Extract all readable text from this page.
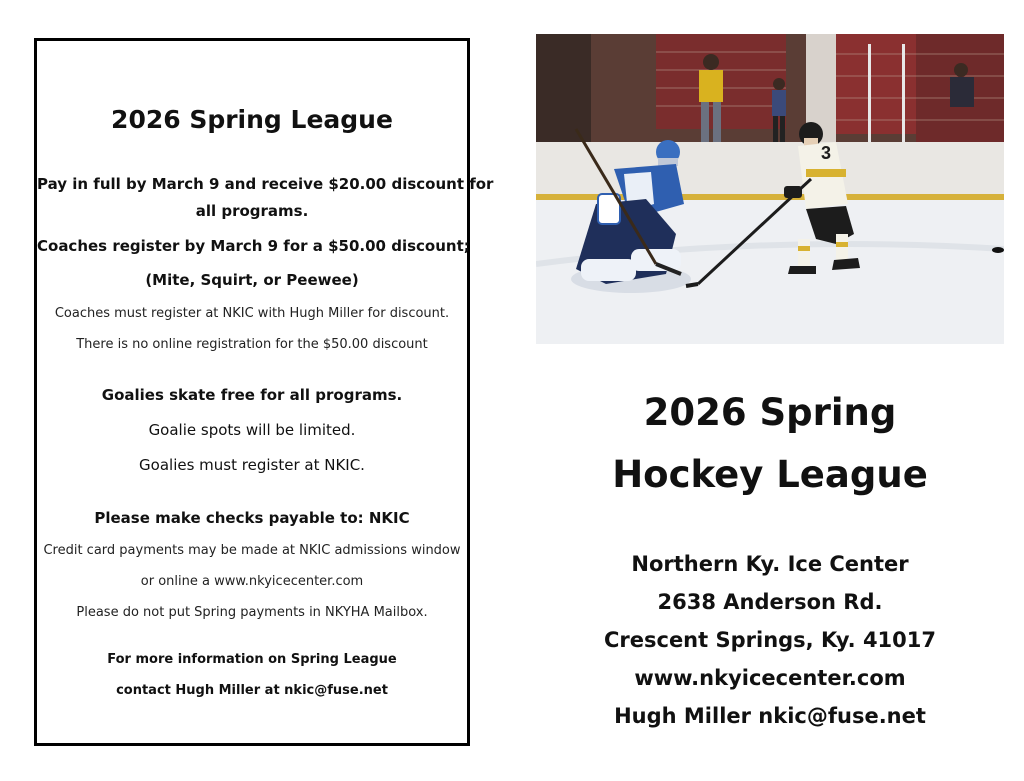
2026 Spring League
Pay in full by March 9 and receive $20.00 discount for
all programs.
Coaches register by March 9 for a $50.00 discount;
(Mite, Squirt, or Peewee)
Coaches must register at NKIC with Hugh Miller for discount.
There is no online registration for the $50.00 discount
Goalies skate free for all programs.
Goalie spots will be limited.
Goalies must register at NKIC.
Please make checks payable to: NKIC
Credit card payments may be made at NKIC admissions window
or online a www.nkyicecenter.com
Please do not put Spring payments in NKYHA Mailbox.
For more information on Spring League
contact Hugh Miller at nkic@fuse.net
3
2026 Spring
Hockey League
Northern Ky. Ice Center
2638 Anderson Rd.
Crescent Springs, Ky. 41017
www.nkyicecenter.com
Hugh Miller nkic@fuse.net
